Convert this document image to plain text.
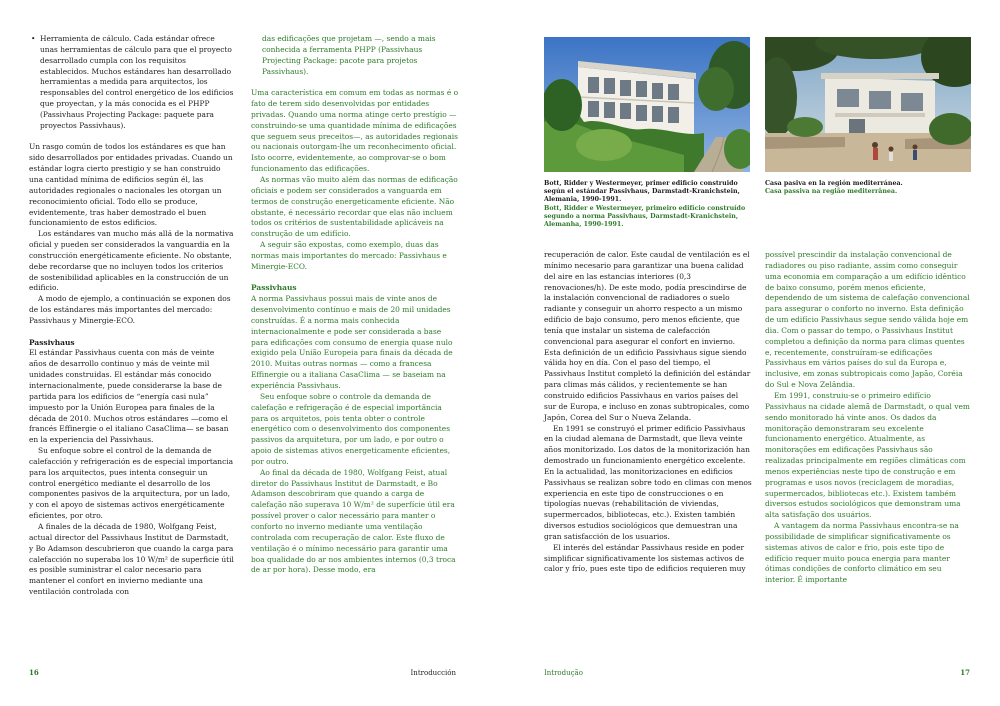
• Herramienta de cálculo. Cada estándar ofrece unas herramientas de cálculo para que el proyecto desarrollado cumpla con los requisitos establecidos. Muchos estándares han desarrollado herramientas a medida para arquitectos, los responsables del control energético de los edificios que proyectan, y la más conocida es el PHPP (Passivhaus Projecting Package: paquete para proyectos Passivhaus).

Un rasgo común de todos los estándares es que han sido desarrollados por entidades privadas. Cuando un estándar logra cierto prestigio y se han construido una cantidad mínima de edificios según él, las autoridades regionales o nacionales les otorgan un reconocimiento oficial. Todo ello se produce, evidentemente, tras haber demostrado el buen funcionamiento de estos edificios.

Los estándares van mucho más allá de la normativa oficial y pueden ser considerados la vanguardia en la construcción energéticamente eficiente. No obstante, debe recordarse que no incluyen todos los criterios de sostenibilidad aplicables en la construcción de un edificio.

A modo de ejemplo, a continuación se exponen dos de los estándares más importantes del mercado: Passivhaus y Minergie-ECO.

Passivhaus

El estándar Passivhaus cuenta con más de veinte años de desarrollo continuo y más de veinte mil unidades construidas. El estándar más conocido internacionalmente, puede considerarse la base de partida para los edificios de “energía casi nula” impuesto por la Unión Europea para finales de la década de 2010. Muchos otros estándares —como el francés Effinergie o el italiano CasaClima— se basan en la experiencia del Passivhaus.

Su enfoque sobre el control de la demanda de calefacción y refrigeración es de especial importancia para los arquitectos, pues intenta conseguir un control energético mediante el desarrollo de los componentes pasivos de la arquitectura, por un lado, y con el apoyo de sistemas activos energéticamente eficientes, por otro.

A finales de la década de 1980, Wolfgang Feist, actual director del Passivhaus Institut de Darmstadt, y Bo Adamson descubrieron que cuando la carga para calefacción no superaba los 10 W/m² de superficie útil es posible suministrar el calor necesario para mantener el confort en invierno mediante una ventilación controlada con

das edificações que projetam —, sendo a mais conhecida a ferramenta PHPP (Passivhaus Projecting Package: pacote para projetos Passivhaus).

Uma característica em comum em todas as normas é o fato de terem sido desenvolvidas por entidades privadas. Quando uma norma atinge certo prestígio — construindo-se uma quantidade mínima de edificações que seguem seus preceitos—, as autoridades regionais ou nacionais outorgam-lhe um reconhecimento oficial. Isto ocorre, evidentemente, ao comprovar-se o bom funcionamento das edificações.

As normas vão muito além das normas de edificação oficiais e podem ser considerados a vanguarda em termos de construção energeticamente eficiente. Não obstante, é necessário recordar que elas não incluem todos os critérios de sustentabilidade aplicáveis na construção de um edifício.

A seguir são expostas, como exemplo, duas das normas mais importantes do mercado: Passivhaus e Minergie-ECO.

Passivhaus

A norma Passivhaus possui mais de vinte anos de desenvolvimento contínuo e mais de 20 mil unidades construídas. É a norma mais conhecida internacionalmente e pode ser considerada a base para edificações com consumo de energia quase nulo exigido pela União Europeia para finais da década de 2010. Muitas outras normas — como a francesa Effinergie ou a italiana CasaClima — se baseiam na experiência Passivhaus.

Seu enfoque sobre o controle da demanda de calefação e refrigeração é de especial importância para os arquitetos, pois tenta obter o controle energético com o desenvolvimento dos componentes passivos da arquitetura, por um lado, e por outro o apoio de sistemas ativos energeticamente eficientes, por outro.

Ao final da década de 1980, Wolfgang Feist, atual diretor do Passivhaus Institut de Darmstadt, e Bo Adamson descobriram que quando a carga de calefação não superava 10 W/m² de superfície útil era possível prover o calor necessário para manter o conforto no inverno mediante uma ventilação controlada com recuperação de calor. Este fluxo de ventilação é o mínimo necessário para garantir uma boa qualidade do ar nos ambientes internos (0,3 troca de ar por hora). Desse modo, era

16	Introducción
Bott, Ridder y Westermeyer, primer edificio construido según el estándar Passivhaus, Darmstadt-Kranichstein, Alemania, 1990-1991.
Bott, Ridder e Westermeyer, primeiro edifício construído segundo a norma Passivhaus, Darmstadt-Kranichstein, Alemanha, 1990-1991.
Casa pasiva en la región mediterránea.
Casa passiva na região mediterrânea.

recuperación de calor. Este caudal de ventilación es el mínimo necesario para garantizar una buena calidad del aire en las estancias interiores (0,3 renovaciones/h). De este modo, podía prescindirse de la instalación convencional de radiadores o suelo radiante y conseguir un ahorro respecto a un mismo edificio de bajo consumo, pero menos eficiente, que tenía que instalar un sistema de calefacción convencional para asegurar el confort en invierno. Esta definición de un edificio Passivhaus sigue siendo válida hoy en día. Con el paso del tiempo, el Passivhaus Institut completó la definición del estándar para climas más cálidos, y recientemente se han construido edificios Passivhaus en varios países del sur de Europa, e incluso en zonas subtropicales, como Japón, Corea del Sur o Nueva Zelanda.

En 1991 se construyó el primer edificio Passivhaus en la ciudad alemana de Darmstadt, que lleva veinte años monitorizado. Los datos de la monitorización han demostrado un funcionamiento energético excelente. En la actualidad, las monitorizaciones en edificios Passivhaus se realizan sobre todo en climas con menos experiencia en este tipo de construcciones o en tipologías nuevas (rehabilitación de viviendas, supermercados, bibliotecas, etc.). Existen también diversos estudios sociológicos que demuestran una gran satisfacción de los usuarios.

El interés del estándar Passivhaus reside en poder simplificar significativamente los sistemas activos de calor y frío, pues este tipo de edificios requieren muy

possível prescindir da instalação convencional de radiadores ou piso radiante, assim como conseguir uma economia em comparação a um edifício idêntico de baixo consumo, porém menos eficiente, dependendo de um sistema de calefação convencional para assegurar o conforto no inverno. Esta definição de um edifício Passivhaus segue sendo válida hoje em dia. Com o passar do tempo, o Passivhaus Institut completou a definição da norma para climas quentes e, recentemente, construíram-se edificações Passivhaus em vários países do sul da Europa e, inclusive, em zonas subtropicais como Japão, Coréia do Sul e Nova Zelândia.

Em 1991, construiu-se o primeiro edifício Passivhaus na cidade alemã de Darmstadt, o qual vem sendo monitorado há vinte anos. Os dados da monitoração demonstraram seu excelente funcionamento energético. Atualmente, as monitorações em edificações Passivhaus são realizadas principalmente em regiões climáticas com menos experiências neste tipo de construção e em programas e usos novos (reciclagem de moradias, supermercados, bibliotecas etc.). Existem também diversos estudos sociológicos que demonstram uma alta satisfação dos usuários.

A vantagem da norma Passivhaus encontra-se na possibilidade de simplificar significativamente os sistemas ativos de calor e frio, pois este tipo de edifício requer muito pouca energia para manter ótimas condições de conforto climático em seu interior. É importante

Introdução	17
